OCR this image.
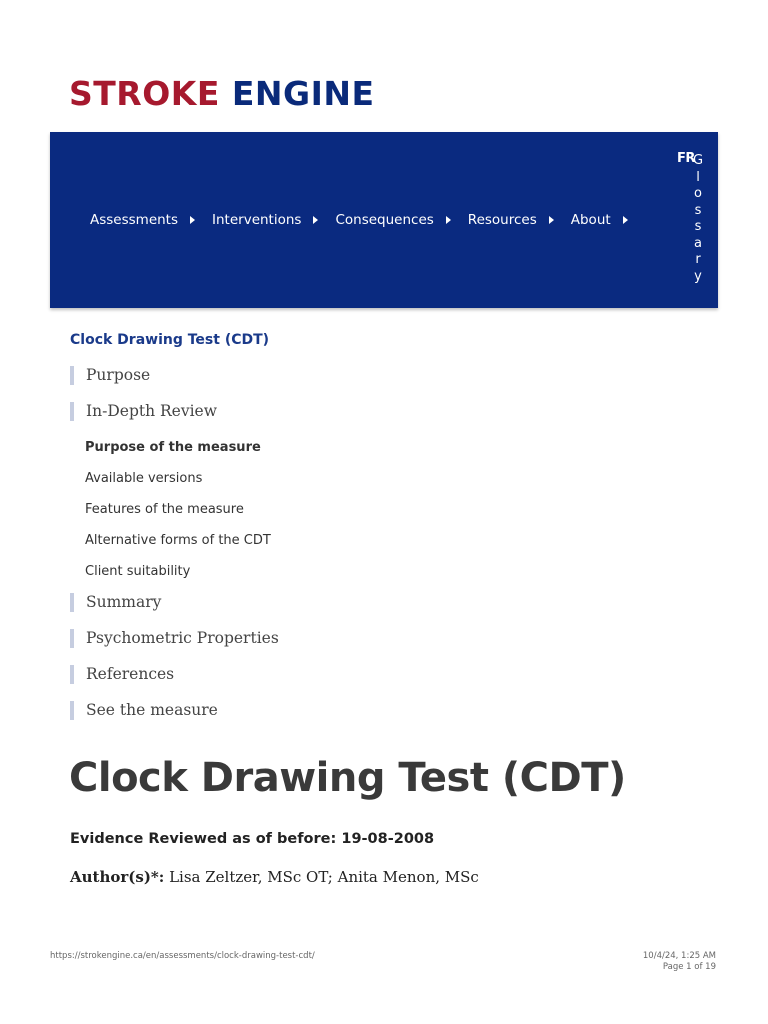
STROKE ENGINE
Assessments	Interventions	Consequences	Resources	About
FR
Glossary
Clock Drawing Test (CDT)
Purpose
In-Depth Review
Purpose of the measure
Available versions
Features of the measure
Alternative forms of the CDT
Client suitability
Summary
Psychometric Properties
References
See the measure
Clock Drawing Test (CDT)
Evidence Reviewed as of before: 19-08-2008
Author(s)*: Lisa Zeltzer, MSc OT; Anita Menon, MSc
https://strokengine.ca/en/assessments/clock-drawing-test-cdt/	10/4/24, 1:25 AM
Page 1 of 19
